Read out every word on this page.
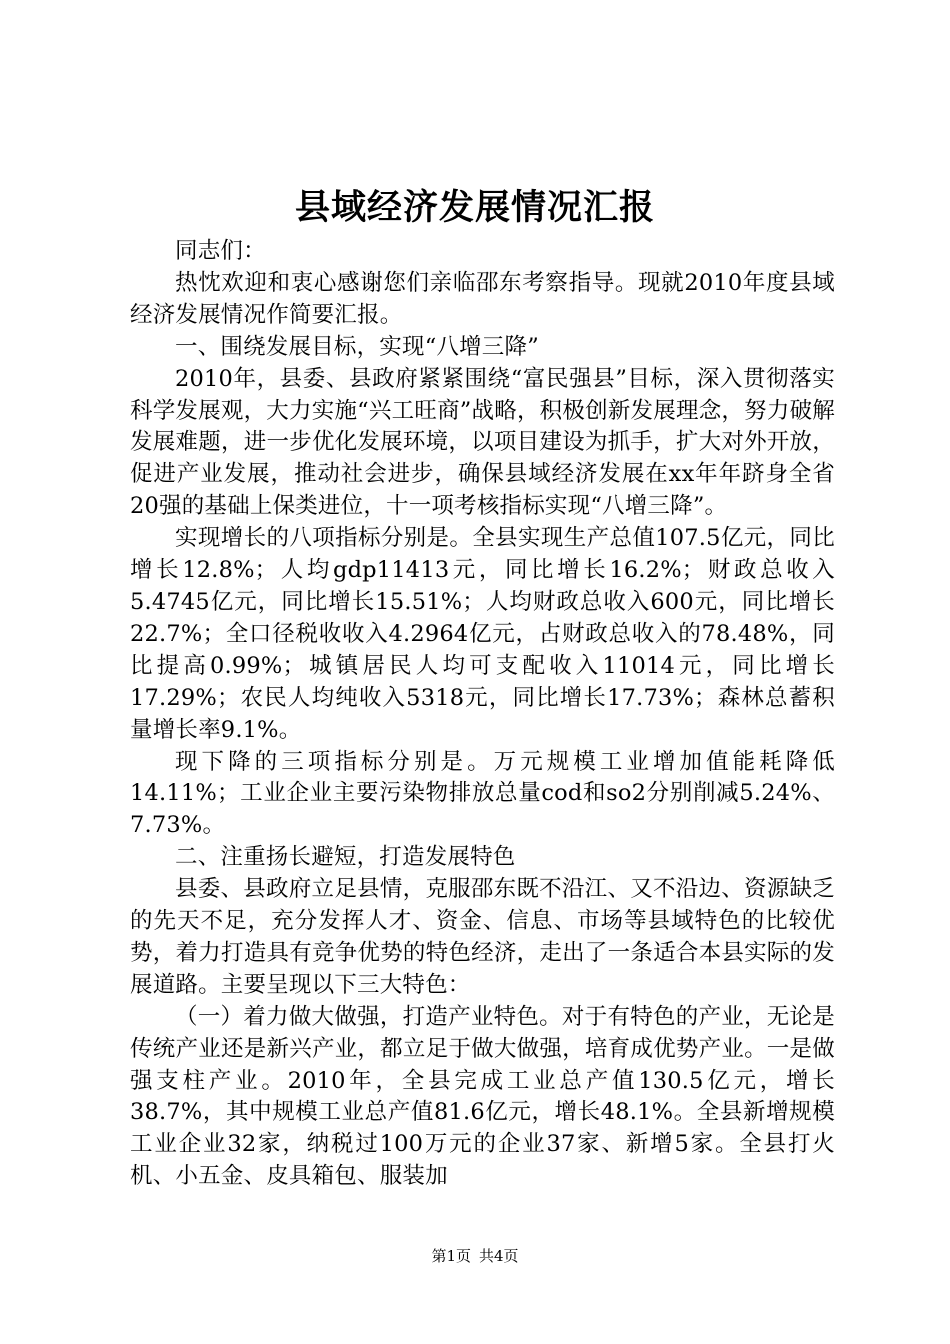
县域经济发展情况汇报

同志们：

热忱欢迎和衷心感谢您们亲临邵东考察指导。现就2010年度县域经济发展情况作简要汇报。

一、围绕发展目标，实现“八增三降”

2010年，县委、县政府紧紧围绕“富民强县”目标，深入贯彻落实科学发展观，大力实施“兴工旺商”战略，积极创新发展理念，努力破解发展难题，进一步优化发展环境，以项目建设为抓手，扩大对外开放，促进产业发展，推动社会进步，确保县域经济发展在xx年年跻身全省20强的基础上保类进位，十一项考核指标实现“八增三降”。

实现增长的八项指标分别是。全县实现生产总值107.5亿元，同比增长12.8%；人均gdp11413元，同比增长16.2%；财政总收入5.4745亿元，同比增长15.51%；人均财政总收入600元，同比增长22.7%；全口径税收收入4.2964亿元，占财政总收入的78.48%，同比提高0.99%；城镇居民人均可支配收入11014元，同比增长17.29%；农民人均纯收入5318元，同比增长17.73%；森林总蓄积量增长率9.1%。

现下降的三项指标分别是。万元规模工业增加值能耗降低14.11%；工业企业主要污染物排放总量cod和so2分别削减5.24%、7.73%。

二、注重扬长避短，打造发展特色

县委、县政府立足县情，克服邵东既不沿江、又不沿边、资源缺乏的先天不足，充分发挥人才、资金、信息、市场等县域特色的比较优势，着力打造具有竞争优势的特色经济，走出了一条适合本县实际的发展道路。主要呈现以下三大特色：

（一）着力做大做强，打造产业特色。对于有特色的产业，无论是传统产业还是新兴产业，都立足于做大做强，培育成优势产业。一是做强支柱产业。2010年，全县完成工业总产值130.5亿元，增长38.7%，其中规模工业总产值81.6亿元，增长48.1%。全县新增规模工业企业32家，纳税过100万元的企业37家、新增5家。全县打火机、小五金、皮具箱包、服装加

第1页 共4页
